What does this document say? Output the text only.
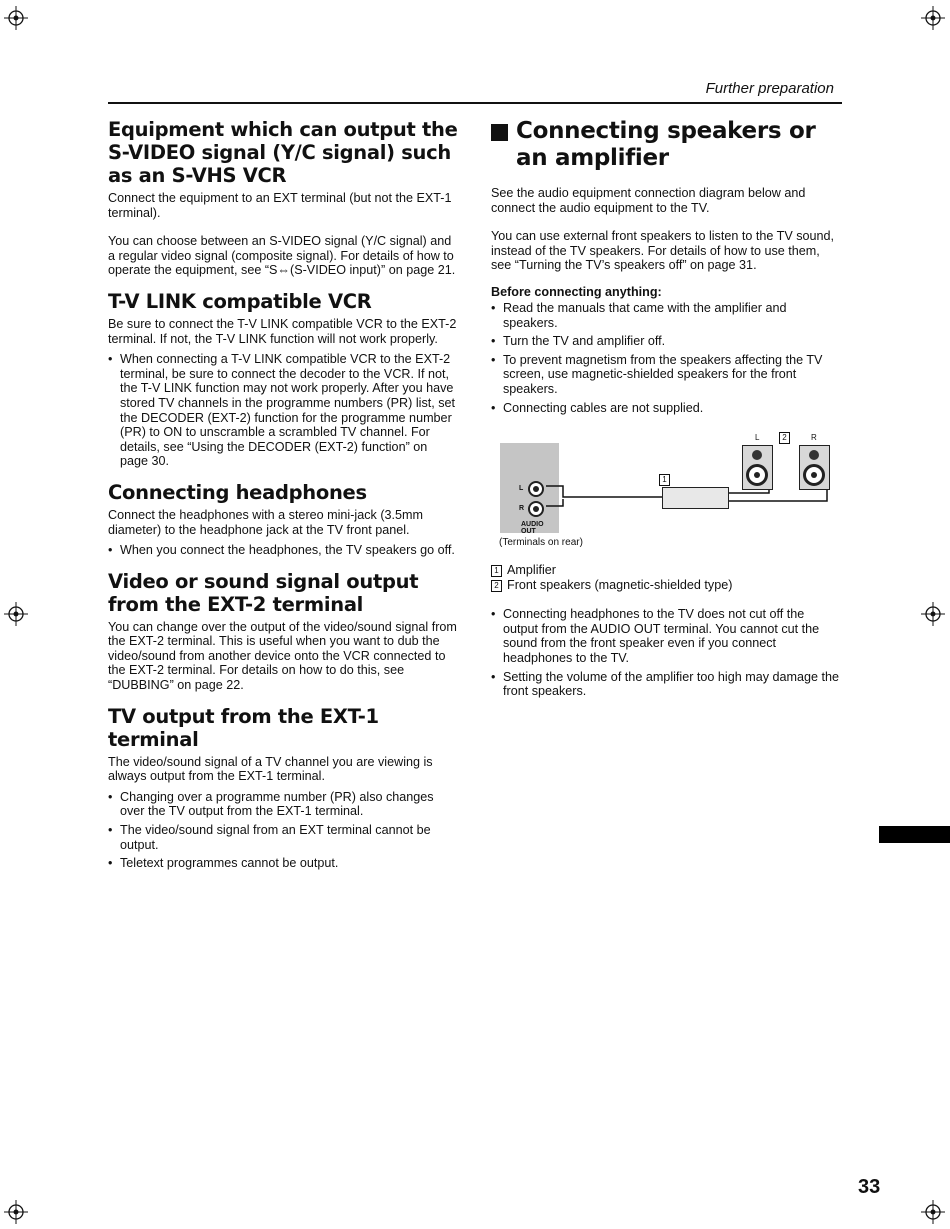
Further preparation
Equipment which can output the S-VIDEO signal (Y/C signal) such as an S-VHS VCR

Connect the equipment to an EXT terminal (but not the EXT-1 terminal).

You can choose between an S-VIDEO signal (Y/C signal) and a regular video signal (composite signal). For details of how to operate the equipment, see “S⇔(S-VIDEO input)” on page 21.

T-V LINK compatible VCR

Be sure to connect the T-V LINK compatible VCR to the EXT-2 terminal. If not, the T-V LINK function will not work properly.

• When connecting a T-V LINK compatible VCR to the EXT-2 terminal, be sure to connect the decoder to the VCR. If not, the T-V LINK function may not work properly. After you have stored TV channels in the programme numbers (PR) list, set the DECODER (EXT-2) function for the programme number (PR) to ON to unscramble a scrambled TV channel. For details, see “Using the DECODER (EXT-2) function” on page 30.
Connecting headphones

Connect the headphones with a stereo mini-jack (3.5mm diameter) to the headphone jack at the TV front panel.

• When you connect the headphones, the TV speakers go off.
Video or sound signal output from the EXT-2 terminal

You can change over the output of the video/sound signal from the EXT-2 terminal. This is useful when you want to dub the video/sound from another device onto the VCR connected to the EXT-2 terminal. For details on how to do this, see “DUBBING” on page 22.

TV output from the EXT-1 terminal

The video/sound signal of a TV channel you are viewing is always output from the EXT-1 terminal.

• Changing over a programme number (PR) also changes over the TV output from the EXT-1 terminal.
• The video/sound signal from an EXT terminal cannot be output.
• Teletext programmes cannot be output.
Connecting speakers or an amplifier

See the audio equipment connection diagram below and connect the audio equipment to the TV.

You can use external front speakers to listen to the TV sound, instead of the TV speakers. For details of how to use them, see “Turning the TV’s speakers off” on page 31.

Before connecting anything:
• Read the manuals that came with the amplifier and speakers.
• Turn the TV and amplifier off.
• To prevent magnetism from the speakers affecting the TV screen, use magnetic-shielded speakers for the front speakers.
• Connecting cables are not supplied.
L
R
AUDIO OUT
1
L	2	R
(Terminals on rear)
1 Amplifier
2 Front speakers (magnetic-shielded type)
• Connecting headphones to the TV does not cut off the output from the AUDIO OUT terminal. You cannot cut the sound from the front speaker even if you connect headphones to the TV.
• Setting the volume of the amplifier too high may damage the front speakers.
33
